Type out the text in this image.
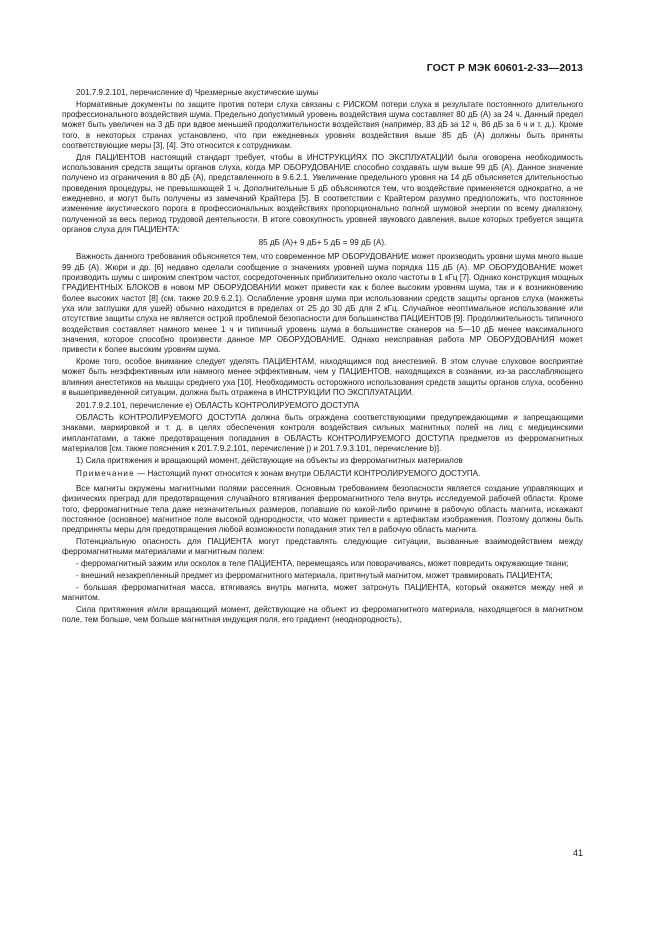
ГОСТ Р МЭК 60601-2-33—2013

201.7.9.2.101, перечисление d) Чрезмерные акустические шумы

Нормативные документы по защите против потери слуха связаны с РИСКОМ потери слуха в результате постоянного длительного профессионального воздействия шума. Предельно допустимый уровень воздействия шума составляет 80 дБ (A) за 24 ч. Данный предел может быть увеличен на 3 дБ при вдвое меньшей продолжительности воздействия (например, 83 дБ за 12 ч, 86 дБ за 6 ч и т. д.). Кроме того, в некоторых странах установлено, что при ежедневных уровнях воздействия выше 85 дБ (A) должны быть приняты соответствующие меры [3], [4]. Это относится к сотрудникам.

Для ПАЦИЕНТОВ настоящий стандарт требует, чтобы в ИНСТРУКЦИЯХ ПО ЭКСПЛУАТАЦИИ была оговорена необходимость использования средств защиты органов слуха, когда МР ОБОРУДОВАНИЕ способно создавать шум выше 99 дБ (A). Данное значение получено из ограничения в 80 дБ (A), представленного в 9.6.2.1. Увеличение предельного уровня на 14 дБ объясняется длительностью проведения процедуры, не превышающей 1 ч. Дополнительные 5 дБ объясняются тем, что воздействие применяется однократно, а не ежедневно, и могут быть получены из замечаний Крайтера [5]. В соответствии с Крайтером разумно предположить, что постоянное изменение акустического порога в профессиональных воздействиях пропорционально полной шумовой энергии по всему диапазону, полученной за весь период трудовой деятельности. В итоге совокупность уровней звукового давления, выше которых требуется защита органов слуха для ПАЦИЕНТА:

85 дБ (A)+ 9 дБ+ 5 дБ = 99 дБ (A).

Важность данного требования объясняется тем, что современное МР ОБОРУДОВАНИЕ может производить уровни шума много выше 99 дБ (A). Жюри и др. [6] недавно сделали сообщение о значениях уровней шума порядка 115 дБ (A). МР ОБОРУДОВАНИЕ может производить шумы с широким спектром частот, сосредоточенных приблизительно около частоты в 1 кГц [7]. Однако конструкция мощных ГРАДИЕНТНЫХ БЛОКОВ в новом МР ОБОРУДОВАНИИ может привести как к более высоким уровням шума, так и к возникновению более высоких частот [8] (см. также 20.9.6.2.1). Ослабление уровня шума при использовании средств защиты органов слуха (манжеты уха или заглушки для ушей) обычно находится в пределах от 25 до 30 дБ для 2 кГц. Случайное неоптимальное использование или отсутствие защиты слуха не является острой проблемой безопасности для большинства ПАЦИЕНТОВ [9]. Продолжительность типичного воздействия составляет намного менее 1 ч и типичный уровень шума в большинстве сканеров на 5—10 дБ менее максимального значения, которое способно произвести данное МР ОБОРУДОВАНИЕ. Однако неисправная работа МР ОБОРУДОВАНИЯ может привести к более высоким уровням шума.

Кроме того, особое внимание следует уделять ПАЦИЕНТАМ, находящимся под анестезией. В этом случае слуховое восприятие может быть неэффективным или намного менее эффективным, чем у ПАЦИЕНТОВ, находящихся в сознании, из-за расслабляющего влияния анестетиков на мышцы среднего уха [10]. Необходимость осторожного использования средств защиты органов слуха, особенно в вышеприведенной ситуации, должна быть отражена в ИНСТРУКЦИИ ПО ЭКСПЛУАТАЦИИ.

201.7.9.2.101, перечисление е) ОБЛАСТЬ КОНТРОЛИРУЕМОГО ДОСТУПА

ОБЛАСТЬ КОНТРОЛИРУЕМОГО ДОСТУПА должна быть ограждена соответствующими предупреждающими и запрещающими знаками, маркировкой и т. д. в целях обеспечения контроля воздействия сильных магнитных полей на лиц с медицинскими имплантатами, а также предотвращения попадания в ОБЛАСТЬ КОНТРОЛИРУЕМОГО ДОСТУПА предметов из ферромагнитных материалов [см. также пояснения к 201.7.9.2.101, перечисление j) и 201.7.9.3.101, перечисление b)].

1) Сила притяжения и вращающий момент, действующие на объекты из ферромагнитных материалов

Примечание — Настоящий пункт относится к зонам внутри ОБЛАСТИ КОНТРОЛИРУЕМОГО ДОСТУПА.

Все магниты окружены магнитными полями рассеяния. Основным требованием безопасности является создание управляющих и физических преград для предотвращения случайного втягивания ферромагнитного тела внутрь исследуемой рабочей области. Кроме того, ферромагнитные тела даже незначительных размеров, попавшие по какой-либо причине в рабочую область магнита, искажают постоянное (основное) магнитное поле высокой однородности, что может привести к артефактам изображения. Поэтому должны быть предприняты меры для предотвращения любой возможности попадания этих тел в рабочую область магнита.

Потенциальную опасность для ПАЦИЕНТА могут представлять следующие ситуации, вызванные взаимодействием между ферромагнитными материалами и магнитным полем:

- ферромагнитный зажим или осколок в теле ПАЦИЕНТА, перемещаясь или поворачиваясь, может повредить окружающие ткани;

- внешний незакрепленный предмет из ферромагнитного материала, притянутый магнитом, может травмировать ПАЦИЕНТА;

- большая ферромагнитная масса, втягиваясь внутрь магнита, может затронуть ПАЦИЕНТА, который окажется между ней и магнитом.

Сила притяжения и/или вращающий момент, действующие на объект из ферромагнитного материала, находящегося в магнитном поле, тем больше, чем больше магнитная индукция поля, его градиент (неоднородность),

41
